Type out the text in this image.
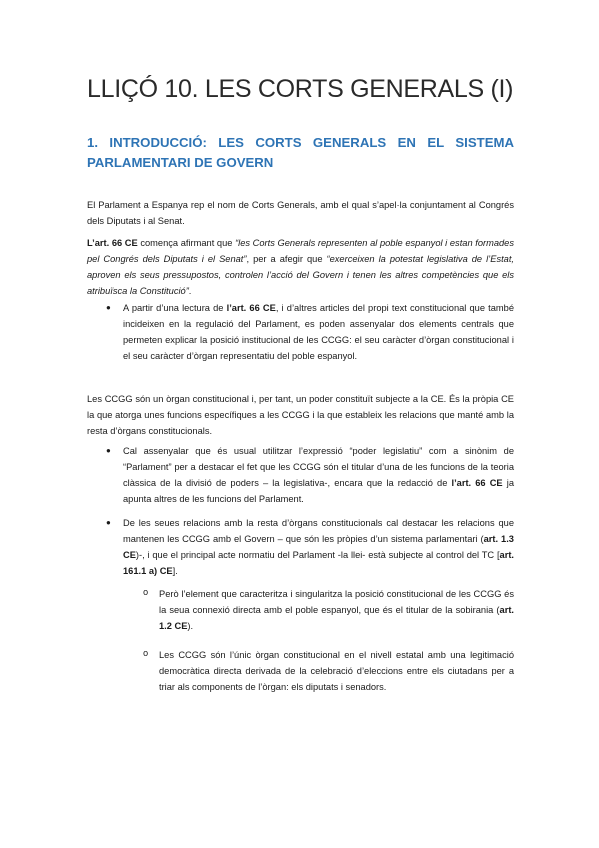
LLIÇÓ 10. LES CORTS GENERALS (I)
1. INTRODUCCIÓ: LES CORTS GENERALS EN EL SISTEMA PARLAMENTARI DE GOVERN

El Parlament a Espanya rep el nom de Corts Generals, amb el qual s’apel·la conjuntament al Congrés dels Diputats i al Senat.

L’art. 66 CE comença afirmant que “les Corts Generals representen al poble espanyol i estan formades pel Congrés dels Diputats i el Senat”, per a afegir que “exerceixen la potestat legislativa de l’Estat, aproven els seus pressupostos, controlen l’acció del Govern i tenen les altres competències que els atribuïsca la Constitució”.

● A partir d’una lectura de l’art. 66 CE, i d’altres articles del propi text constitucional que també incideixen en la regulació del Parlament, es poden assenyalar dos elements centrals que permeten explicar la posició institucional de les CCGG: el seu caràcter d’òrgan constitucional i el seu caràcter d’òrgan representatiu del poble espanyol.

Les CCGG són un òrgan constitucional i, per tant, un poder constituït subjecte a la CE. És la pròpia CE la que atorga unes funcions específiques a les CCGG i la que estableix les relacions que manté amb la resta d’òrgans constitucionals.

● Cal assenyalar que és usual utilitzar l’expressió “poder legislatiu” com a sinònim de “Parlament” per a destacar el fet que les CCGG són el titular d’una de les funcions de la teoria clàssica de la divisió de poders – la legislativa-, encara que la redacció de l’art. 66 CE ja apunta altres de les funcions del Parlament.

● De les seues relacions amb la resta d’òrgans constitucionals cal destacar les relacions que mantenen les CCGG amb el Govern – que són les pròpies d’un sistema parlamentari (art. 1.3 CE)-, i que el principal acte normatiu del Parlament -la llei- està subjecte al control del TC [art. 161.1 a) CE].

o Però l’element que caracteritza i singularitza la posició constitucional de les CCGG és la seua connexió directa amb el poble espanyol, que és el titular de la sobirania (art. 1.2 CE).

o Les CCGG són l’únic òrgan constitucional en el nivell estatal amb una legitimació democràtica directa derivada de la celebració d’eleccions entre els ciutadans per a triar als components de l’òrgan: els diputats i senadors.
